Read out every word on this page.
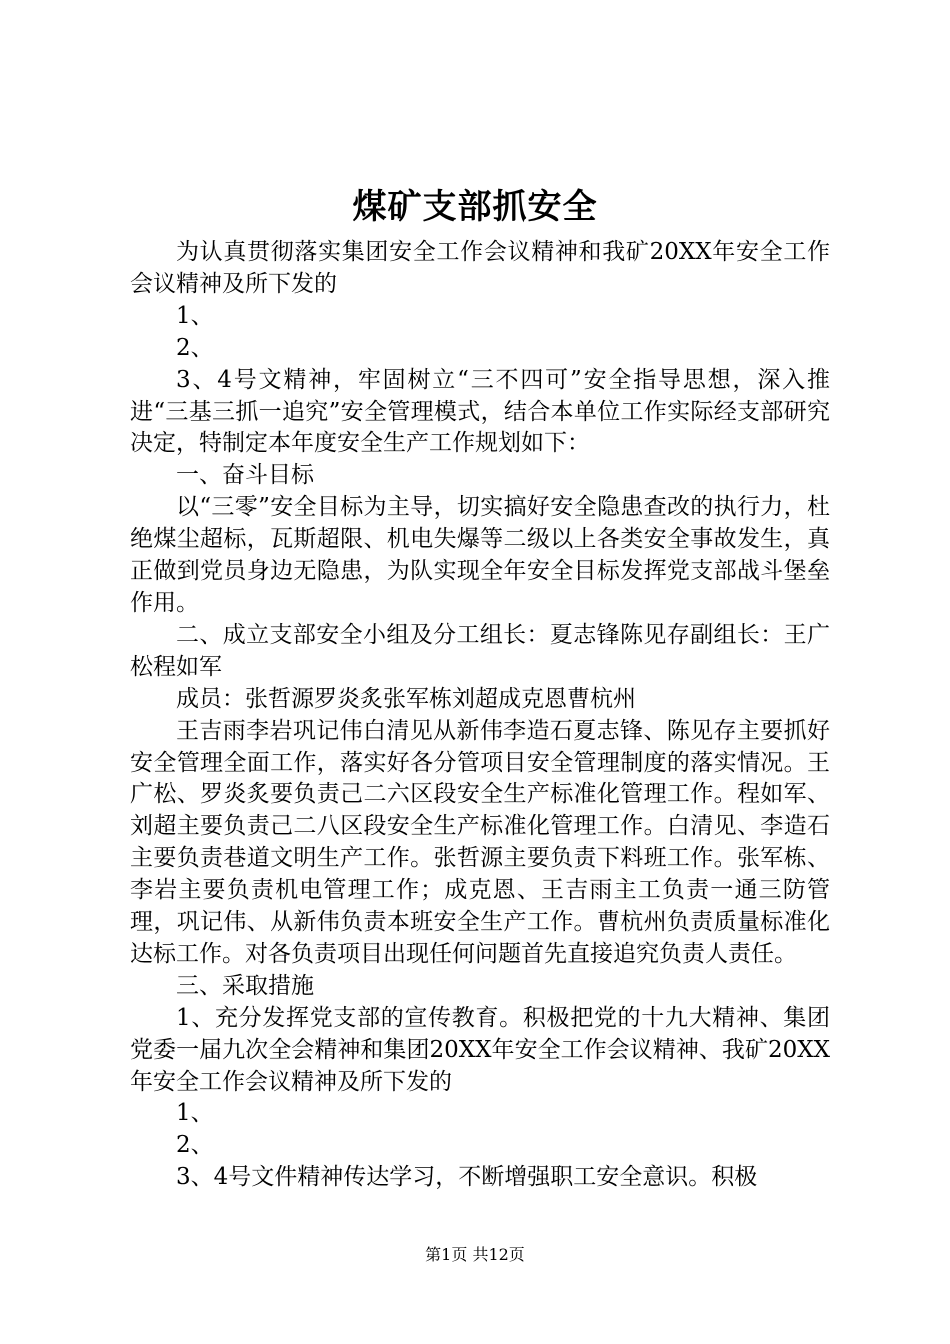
煤矿支部抓安全

为认真贯彻落实集团安全工作会议精神和我矿20XX年安全工作会议精神及所下发的

1、

2、

3、4号文精神，牢固树立“三不四可”安全指导思想，深入推进“三基三抓一追究”安全管理模式，结合本单位工作实际经支部研究决定，特制定本年度安全生产工作规划如下：

一、奋斗目标

以“三零”安全目标为主导，切实搞好安全隐患查改的执行力，杜绝煤尘超标，瓦斯超限、机电失爆等二级以上各类安全事故发生，真正做到党员身边无隐患，为队实现全年安全目标发挥党支部战斗堡垒作用。

二、成立支部安全小组及分工组长：夏志锋陈见存副组长：王广松程如军

成员：张哲源罗炎炙张军栋刘超成克恩曹杭州

王吉雨李岩巩记伟白清见从新伟李造石夏志锋、陈见存主要抓好安全管理全面工作，落实好各分管项目安全管理制度的落实情况。王广松、罗炎炙要负责己二六区段安全生产标准化管理工作。程如军、刘超主要负责己二八区段安全生产标准化管理工作。白清见、李造石主要负责巷道文明生产工作。张哲源主要负责下料班工作。张军栋、李岩主要负责机电管理工作；成克恩、王吉雨主工负责一通三防管理，巩记伟、从新伟负责本班安全生产工作。曹杭州负责质量标准化达标工作。对各负责项目出现任何问题首先直接追究负责人责任。

三、采取措施

1、充分发挥党支部的宣传教育。积极把党的十九大精神、集团党委一届九次全会精神和集团20XX年安全工作会议精神、我矿20XX年安全工作会议精神及所下发的

1、

2、

3、4号文件精神传达学习，不断增强职工安全意识。积极

第1页 共12页
